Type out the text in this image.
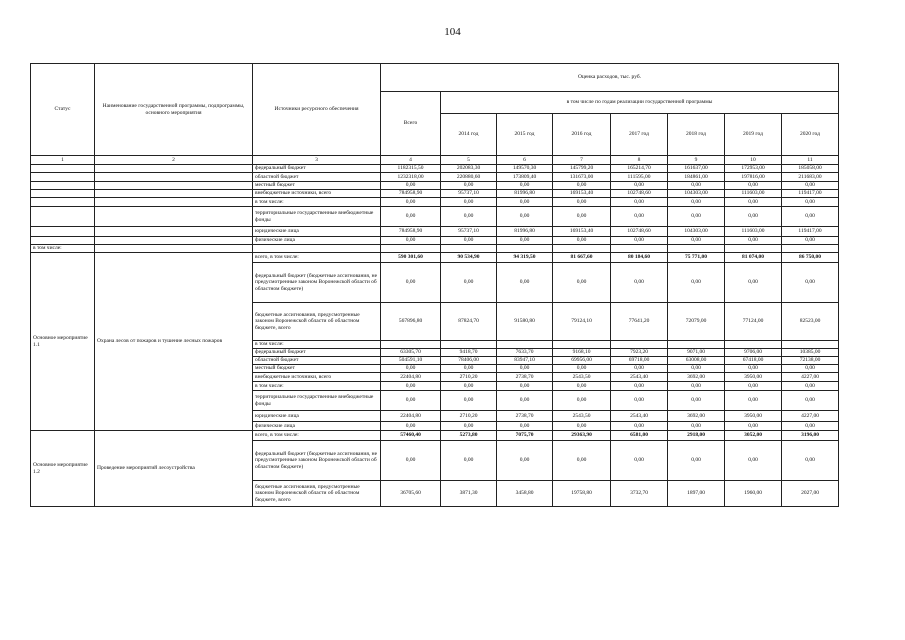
104
Статус	Наименование государственной программы, подпрограммы, основного мероприятия	Источники ресурсного обеспечения	Оценка расходов, тыс. руб.							
			Всего	в том числе по годам реализации государственной программы						
				2014 год	2015 год	2016 год	2017 год	2018 год	2019 год	2020 год
1	2	3	4	5	6	7	8	9	10	11
		федеральный бюджет	1182315,50	202083,30	149570,30	145799,20	165214,70	161637,00	172953,00	185058,00
		областной бюджет	1232318,00	220880,60	173809,40	131673,00	111595,00	184861,00	197816,00	211683,00
		местный бюджет	0,00	0,00	0,00	0,00	0,00	0,00	0,00	0,00
		внебюджетные источники, всего	784958,90	95737,10	81996,80	169153,40	102748,60	104303,00	111603,00	119417,00
		в том числе:	0,00	0,00	0,00	0,00	0,00	0,00	0,00	0,00
		территориальные государственные внебюджетные фонды	0,00	0,00	0,00	0,00	0,00	0,00	0,00	0,00
		юридические лица	784958,90	95737,10	81996,80	169153,40	102748,60	104303,00	111603,00	119417,00
		физические лица	0,00	0,00	0,00	0,00	0,00	0,00	0,00	0,00
в том числе:										
Основное мероприятие 1.1	Охрана лесов от пожаров и тушение лесных пожаров	всего, в том числе:	590 301,60	90 534,90	94 319,50	81 667,60	80 184,60	75 771,00	81 074,00	86 750,00
		федеральный бюджет (бюджетные ассигнования, не предусмотренные законом Воронежской области об областном бюджете)	0,00	0,00	0,00	0,00	0,00	0,00	0,00	0,00
		бюджетные ассигнования, предусмотренные законом Воронежской области об областном бюджете, всего	567896,80	87824,70	91580,80	79124,10	77641,20	72079,00	77124,00	82523,00
		в том числе:								
		федеральный бюджет	63305,70	9418,70	7633,70	9168,10	7923,20	9071,00	9706,00	10385,00
		областной бюджет	504591,10	78406,00	83947,10	69956,00	69718,00	63008,00	67418,00	72138,00
		местный бюджет	0,00	0,00	0,00	0,00	0,00	0,00	0,00	0,00
		внебюджетные источники, всего	22404,80	2710,20	2738,70	2543,50	2543,40	3692,00	3950,00	4227,00
		в том числе:	0,00	0,00	0,00	0,00	0,00	0,00	0,00	0,00
		территориальные государственные внебюджетные фонды	0,00	0,00	0,00	0,00	0,00	0,00	0,00	0,00
		юридические лица	22404,80	2710,20	2738,70	2543,50	2543,40	3692,00	3950,00	4227,00
		физические лица	0,00	0,00	0,00	0,00	0,00	0,00	0,00	0,00
Основное мероприятие 1.2	Проведение мероприятий лесоустройства	всего, в том числе:	57460,40	5273,80	7075,70	29363,90	6581,00	2918,00	3052,00	3196,00
		федеральный бюджет (бюджетные ассигнования, не предусмотренные законом Воронежской области об областном бюджете)	0,00	0,00	0,00	0,00	0,00	0,00	0,00	0,00
		бюджетные ассигнования, предусмотренные законом Воронежской области об областном бюджете, всего	36705,60	3871,30	3458,80	19758,80	3732,70	1897,00	1960,00	2027,00
